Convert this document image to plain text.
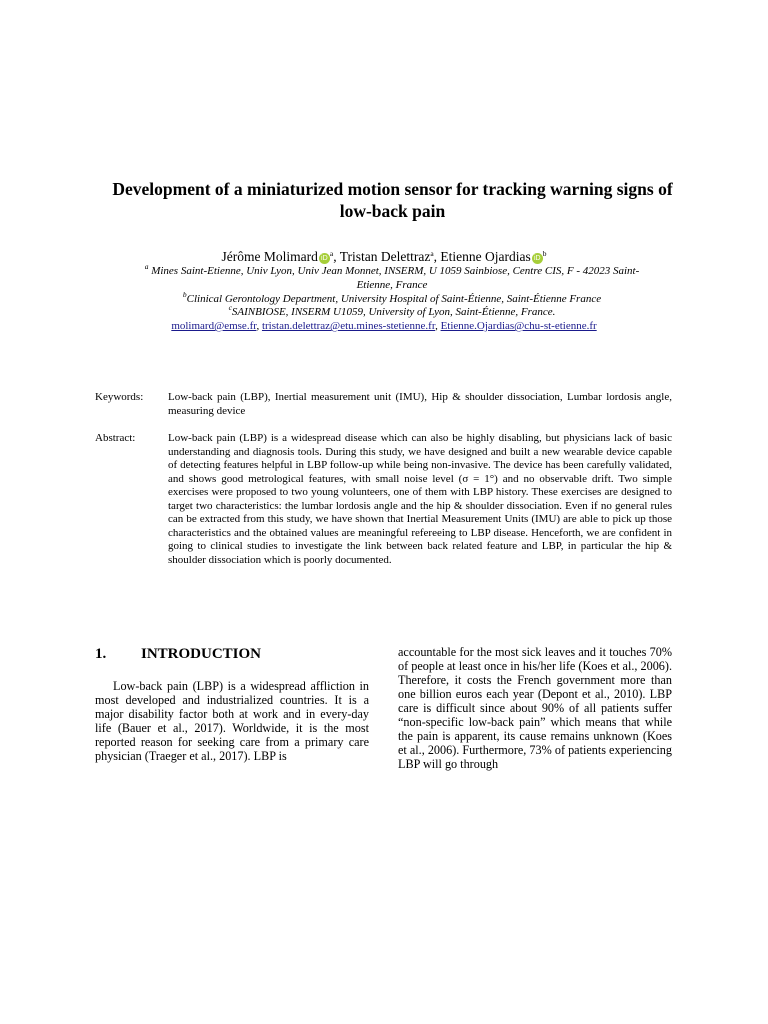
Development of a miniaturized motion sensor for tracking warning signs of low-back pain
Jérôme Molimard $iD^a$, Tristan Delettraz$^a$, Etienne Ojardias $iD^b$
$^a$ Mines Saint-Etienne, Univ Lyon, Univ Jean Monnet, INSERM, U 1059 Sainbiose, Centre CIS, F - 42023 Saint-Etienne, France
$^b$Clinical Gerontology Department, University Hospital of Saint-Étienne, Saint-Étienne France
$^c$SAINBIOSE, INSERM U1059, University of Lyon, Saint-Étienne, France.
molimard@emse.fr, tristan.delettraz@etu.mines-stetienne.fr, Etienne.Ojardias@chu-st-etienne.fr
Keywords: Low-back pain (LBP), Inertial measurement unit (IMU), Hip & shoulder dissociation, Lumbar lordosis angle, measuring device
Abstract:	Low-back pain (LBP) is a widespread disease which can also be highly disabling, but physicians lack of basic understanding and diagnosis tools. During this study, we have designed and built a new wearable device capable of detecting features helpful in LBP follow-up while being non-invasive. The device has been carefully validated, and shows good metrological features, with small noise level (σ = 1°) and no observable drift. Two simple exercises were proposed to two young volunteers, one of them with LBP history. These exercises are designed to target two characteristics: the lumbar lordosis angle and the hip & shoulder dissociation. Even if no general rules can be extracted from this study, we have shown that Inertial Measurement Units (IMU) are able to pick up those characteristics and the obtained values are meaningful refereeing to LBP disease. Henceforth, we are confident in going to clinical studies to investigate the link between back related feature and LBP, in particular the hip & shoulder dissociation which is poorly documented.
1. INTRODUCTION
Low-back pain (LBP) is a widespread affliction in most developed and industrialized countries. It is a major disability factor both at work and in every-day life (Bauer et al., 2017). Worldwide, it is the most reported reason for seeking care from a primary care physician (Traeger et al., 2017). LBP is
accountable for the most sick leaves and it touches 70% of people at least once in his/her life (Koes et al., 2006). Therefore, it costs the French government more than one billion euros each year (Depont et al., 2010). LBP care is difficult since about 90% of all patients suffer “non-specific low-back pain” which means that while the pain is apparent, its cause remains unknown (Koes et al., 2006). Furthermore, 73% of patients experiencing LBP will go through
